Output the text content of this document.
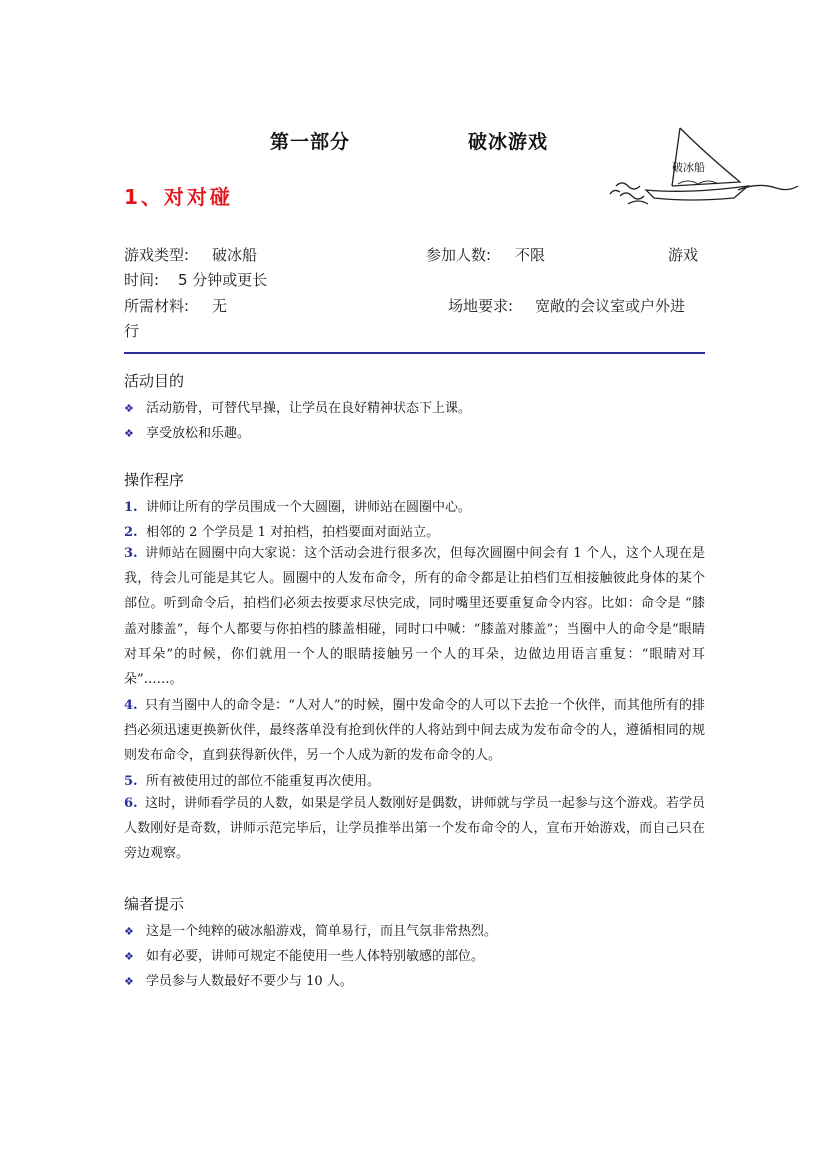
第一部分	破冰游戏
破冰船
1、对对碰
游戏类型: 破冰船	参加人数: 不限	游戏
时间: 5 分钟或更长
所需材料: 无	场地要求: 宽敞的会议室或户外进
行
活动目的
❖ 活动筋骨，可替代早操，让学员在良好精神状态下上课。
❖ 享受放松和乐趣。
操作程序
1. 讲师让所有的学员围成一个大圆圈，讲师站在圆圈中心。
2. 相邻的 2 个学员是 1 对拍档，拍档要面对面站立。
3. 讲师站在圆圈中向大家说：这个活动会进行很多次，但每次圆圈中间会有 1 个人，这个人现在是我，待会儿可能是其它人。圆圈中的人发布命令，所有的命令都是让拍档们互相接触彼此身体的某个部位。听到命令后，拍档们必须去按要求尽快完成，同时嘴里还要重复命令内容。比如：命令是 “膝盖对膝盖”，每个人都要与你拍档的膝盖相碰，同时口中喊：“膝盖对膝盖”；当圈中人的命令是“眼睛对耳朵”的时候，你们就用一个人的眼睛接触另一个人的耳朵，边做边用语言重复：“眼睛对耳朵”……。
4. 只有当圈中人的命令是：“人对人”的时候，圈中发命令的人可以下去抢一个伙伴，而其他所有的排挡必须迅速更换新伙伴，最终落单没有抢到伙伴的人将站到中间去成为发布命令的人，遵循相同的规则发布命令，直到获得新伙伴，另一个人成为新的发布命令的人。
5. 所有被使用过的部位不能重复再次使用。
6. 这时，讲师看学员的人数，如果是学员人数刚好是偶数，讲师就与学员一起参与这个游戏。若学员人数刚好是奇数，讲师示范完毕后，让学员推举出第一个发布命令的人，宣布开始游戏，而自己只在旁边观察。
编者提示
❖ 这是一个纯粹的破冰船游戏，简单易行，而且气氛非常热烈。
❖ 如有必要，讲师可规定不能使用一些人体特别敏感的部位。
❖ 学员参与人数最好不要少与 10 人。
